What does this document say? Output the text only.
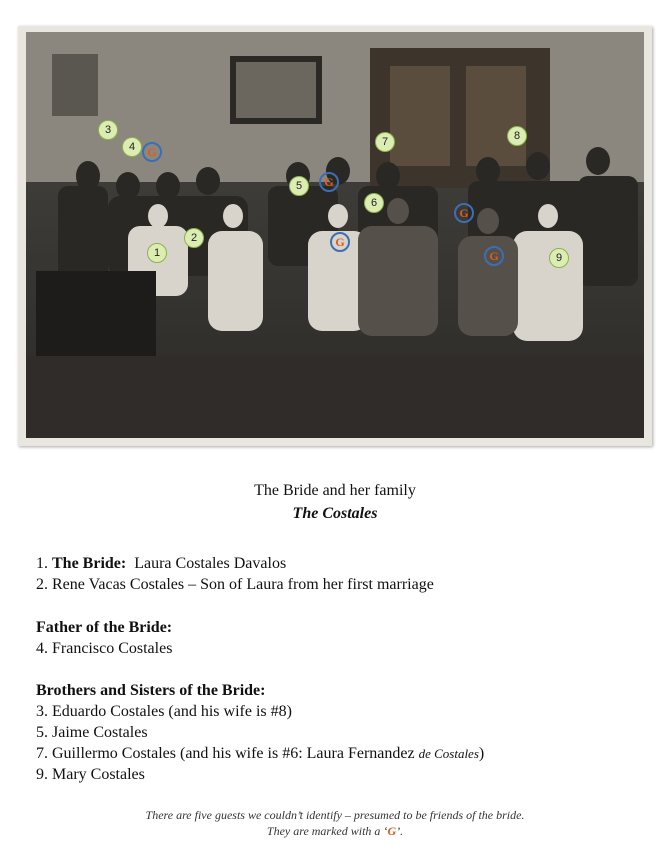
1
2
3
4
5
6
7	8
9
G
G
G
G
G
The Bride and her family
The Costales
1. The Bride: Laura Costales Davalos
2. Rene Vacas Costales – Son of Laura from her first marriage
Father of the Bride:
4. Francisco Costales
Brothers and Sisters of the Bride:
3. Eduardo Costales (and his wife is #8)
5. Jaime Costales
7. Guillermo Costales (and his wife is #6: Laura Fernandez de Costales)
9. Mary Costales
There are five guests we couldn’t identify – presumed to be friends of the bride.
They are marked with a ‘G’.
